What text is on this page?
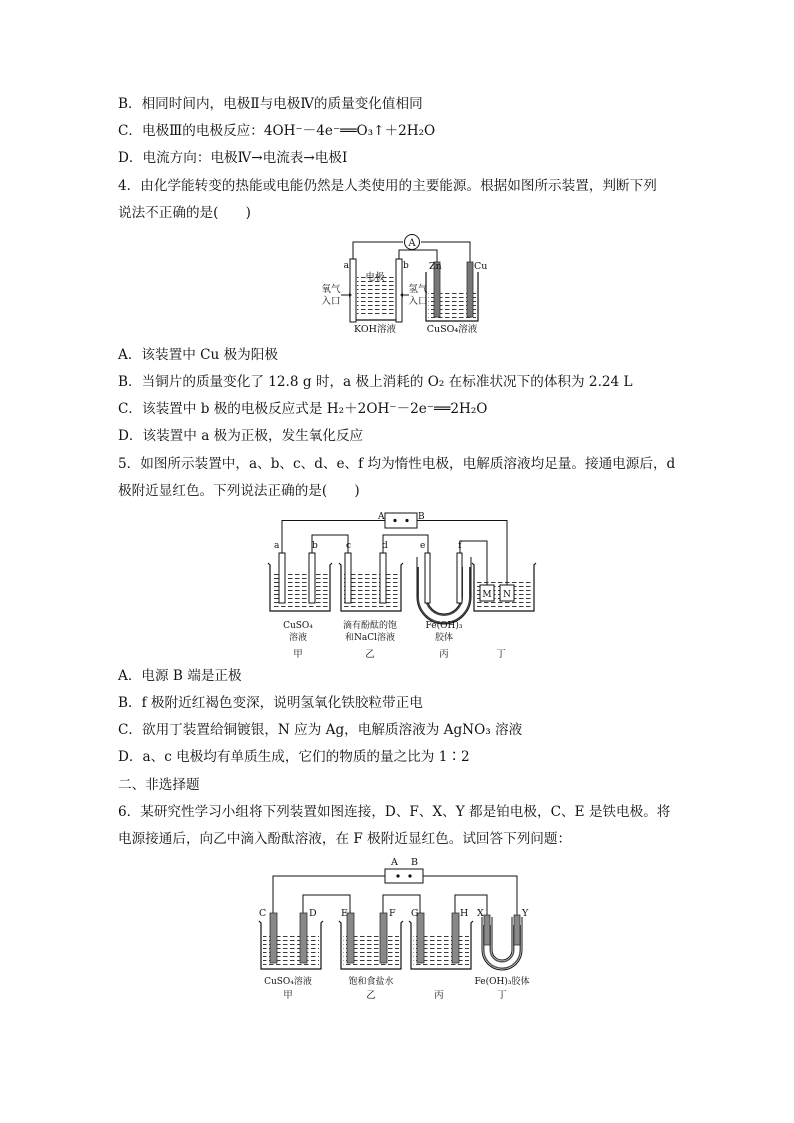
B．相同时间内，电极Ⅱ与电极Ⅳ的质量变化值相同
C．电极Ⅲ的电极反应：4OH⁻－4e⁻══O₃↑＋2H₂O
D．电流方向：电极Ⅳ→电流表→电极Ⅰ
4．由化学能转变的热能或电能仍然是人类使用的主要能源。根据如图所示装置，判断下列
说法不正确的是(　　)
A
a	b
电极
氧气
入口
氢气
入口
KOH溶液
Zn	Cu
CuSO₄溶液
A．该装置中 Cu 极为阳极
B．当铜片的质量变化了 12.8 g 时，a 极上消耗的 O₂ 在标准状况下的体积为 2.24 L
C．该装置中 b 极的电极反应式是 H₂＋2OH⁻－2e⁻══2H₂O
D．该装置中 a 极为正极，发生氧化反应
5．如图所示装置中，a、b、c、d、e、f 均为惰性电极，电解质溶液均足量。接通电源后，d
极附近显红色。下列说法正确的是(　　)
A	B
a	b	c	d	e	f
M N
CuSO₄
溶液
滴有酚酞的饱
和NaCl溶液
Fe(OH)₃
胶体
甲	乙	丙	丁
A．电源 B 端是正极
B．f 极附近红褐色变深，说明氢氧化铁胶粒带正电
C．欲用丁装置给铜镀银，N 应为 Ag，电解质溶液为 AgNO₃ 溶液
D．a、c 电极均有单质生成，它们的物质的量之比为 1∶2
二、非选择题
6．某研究性学习小组将下列装置如图连接，D、F、X、Y 都是铂电极，C、E 是铁电极。将
电源接通后，向乙中滴入酚酞溶液，在 F 极附近显红色。试回答下列问题：
A B
C	D	E	F G	H X	Y
CuSO₄溶液	饱和食盐水	Fe(OH)₃胶体
甲	乙	丙	丁
